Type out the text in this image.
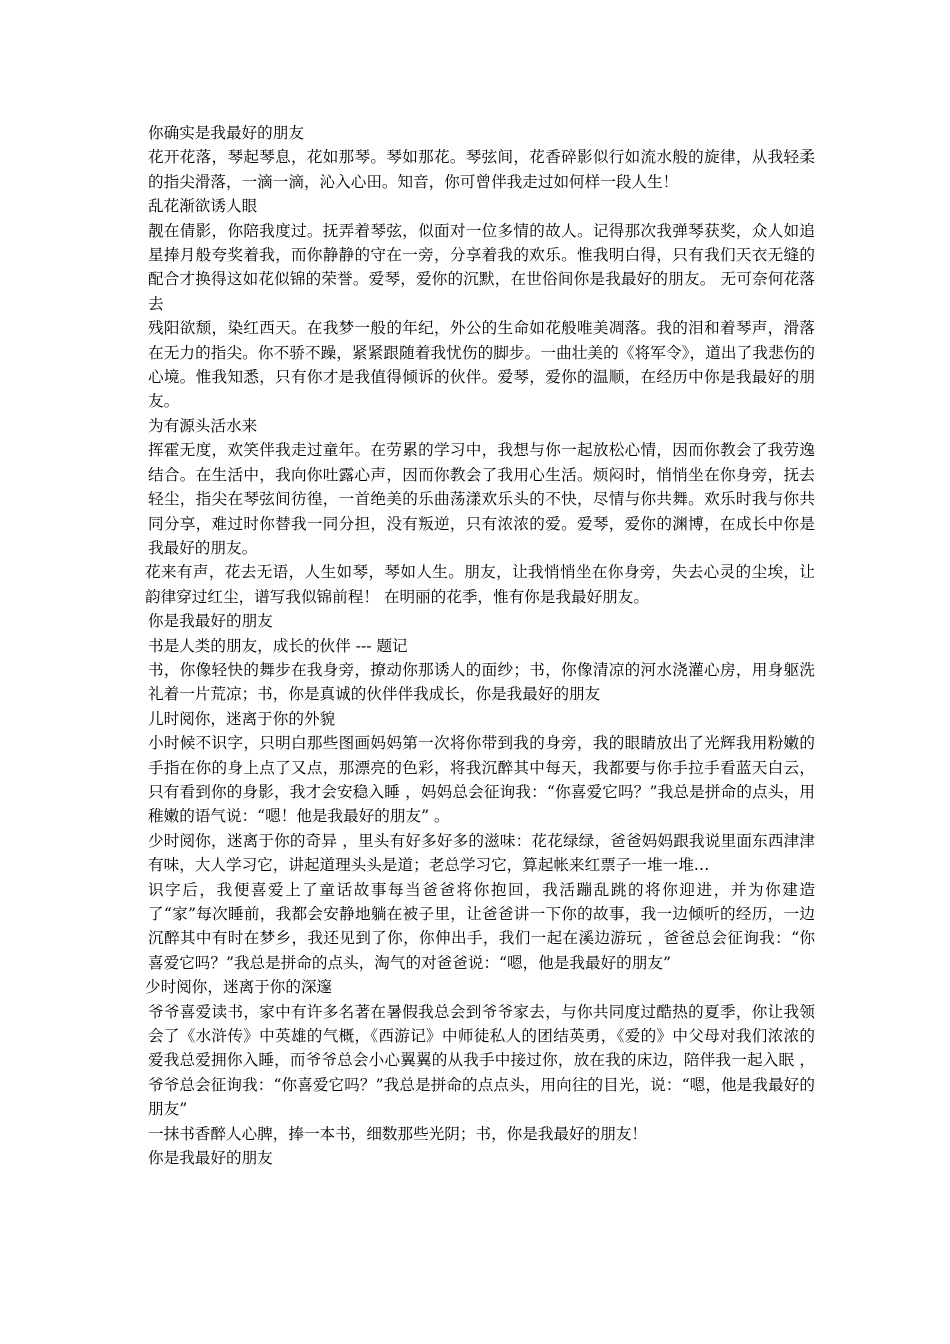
你确实是我最好的朋友

花开花落，琴起琴息，花如那琴。琴如那花。琴弦间，花香碎影似行如流水般的旋律，从我轻柔的指尖滑落，一滴一滴，沁入心田。知音，你可曾伴我走过如何样一段人生！

乱花渐欲诱人眼

靓在倩影，你陪我度过。抚弄着琴弦，似面对一位多情的故人。记得那次我弹琴获奖，众人如追星捧月般夸奖着我，而你静静的守在一旁，分享着我的欢乐。惟我明白得，只有我们天衣无缝的配合才换得这如花似锦的荣誉。爱琴，爱你的沉默，在世俗间你是我最好的朋友。 无可奈何花落去

残阳欲颓，染红西天。在我梦一般的年纪，外公的生命如花般唯美凋落。我的泪和着琴声，滑落在无力的指尖。你不骄不躁，紧紧跟随着我忧伤的脚步。一曲壮美的《将军令》，道出了我悲伤的心境。惟我知悉，只有你才是我值得倾诉的伙伴。爱琴，爱你的温顺，在经历中你是我最好的朋友。

为有源头活水来

挥霍无度，欢笑伴我走过童年。在劳累的学习中，我想与你一起放松心情，因而你教会了我劳逸结合。在生活中，我向你吐露心声，因而你教会了我用心生活。烦闷时，悄悄坐在你身旁，抚去轻尘，指尖在琴弦间彷徨，一首绝美的乐曲荡漾欢乐头的不快，尽情与你共舞。欢乐时我与你共同分享，难过时你替我一同分担，没有叛逆，只有浓浓的爱。爱琴，爱你的渊博，在成长中你是我最好的朋友。

花来有声，花去无语，人生如琴，琴如人生。朋友，让我悄悄坐在你身旁，失去心灵的尘埃，让韵律穿过红尘，谱写我似锦前程！ 在明丽的花季，惟有你是我最好朋友。

你是我最好的朋友

书是人类的朋友，成长的伙伴 --- 题记

书，你像轻快的舞步在我身旁，撩动你那诱人的面纱；书，你像清凉的河水浇灌心房，用身躯洗礼着一片荒凉；书，你是真诚的伙伴伴我成长，你是我最好的朋友

儿时阅你，迷离于你的外貌

小时候不识字，只明白那些图画妈妈第一次将你带到我的身旁，我的眼睛放出了光辉我用粉嫩的手指在你的身上点了又点，那漂亮的色彩，将我沉醉其中每天，我都要与你手拉手看蓝天白云，只有看到你的身影，我才会安稳入睡 ，妈妈总会征询我：“你喜爱它吗？”我总是拼命的点头，用稚嫩的语气说：“嗯！他是我最好的朋友” 。

少时阅你，迷离于你的奇异 ，里头有好多好多的滋味：花花绿绿，爸爸妈妈跟我说里面东西津津有味，大人学习它，讲起道理头头是道；老总学习它，算起帐来红票子一堆一堆…

识字后，我便喜爱上了童话故事每当爸爸将你抱回，我活蹦乱跳的将你迎进，并为你建造了“家”每次睡前，我都会安静地躺在被子里，让爸爸讲一下你的故事，我一边倾听的经历，一边沉醉其中有时在梦乡，我还见到了你，你伸出手，我们一起在溪边游玩 ，爸爸总会征询我：“你喜爱它吗？”我总是拼命的点头，淘气的对爸爸说：“嗯，他是我最好的朋友”

少时阅你，迷离于你的深邃

爷爷喜爱读书，家中有许多名著在暑假我总会到爷爷家去，与你共同度过酷热的夏季，你让我领会了《水浒传》中英雄的气概，《西游记》中师徒私人的团结英勇，《爱的》中父母对我们浓浓的爱我总爱拥你入睡，而爷爷总会小心翼翼的从我手中接过你，放在我的床边，陪伴我一起入眠 ，爷爷总会征询我：“你喜爱它吗？”我总是拼命的点点头，用向往的目光，说：“嗯，他是我最好的朋友”

一抹书香醉人心脾，捧一本书，细数那些光阴；书，你是我最好的朋友！

你是我最好的朋友
